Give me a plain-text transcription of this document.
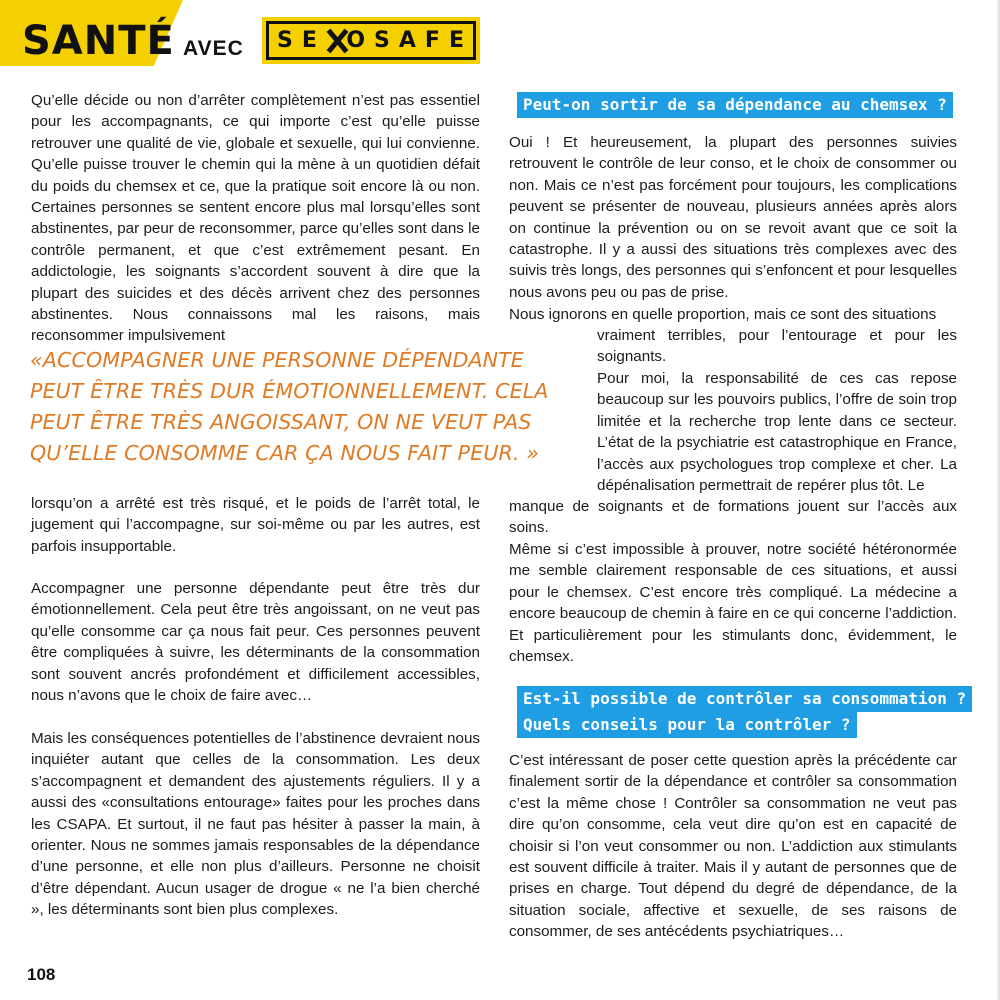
SANTÉ AVEC SE OSAFE

Qu’elle décide ou non d’arrêter complètement n’est pas essentiel pour les accompagnants, ce qui importe c’est qu’elle puisse retrouver une qualité de vie, globale et sexuelle, qui lui convienne. Qu’elle puisse trouver le chemin qui la mène à un quotidien défait du poids du chemsex et ce, que la pratique soit encore là ou non. Certaines personnes se sentent encore plus mal lorsqu’elles sont abstinentes, par peur de reconsommer, parce qu’elles sont dans le contrôle permanent, et que c’est extrêmement pesant. En addictologie, les soignants s’accordent souvent à dire que la plupart des suicides et des décès arrivent chez des personnes abstinentes. Nous connaissons mal les raisons, mais reconsommer impulsivement

«ACCOMPAGNER UNE PERSONNE DÉPENDANTE PEUT ÊTRE TRÈS DUR ÉMOTIONNELLEMENT. CELA PEUT ÊTRE TRÈS ANGOISSANT, ON NE VEUT PAS QU’ELLE CONSOMME CAR ÇA NOUS FAIT PEUR. »

lorsqu’on a arrêté est très risqué, et le poids de l’arrêt total, le jugement qui l’accompagne, sur soi-même ou par les autres, est parfois insupportable.

Accompagner une personne dépendante peut être très dur émotionnellement. Cela peut être très angoissant, on ne veut pas qu’elle consomme car ça nous fait peur. Ces personnes peuvent être compliquées à suivre, les déterminants de la consommation sont souvent ancrés profondément et difficilement accessibles, nous n’avons que le choix de faire avec…

Mais les conséquences potentielles de l’abstinence devraient nous inquiéter autant que celles de la consommation. Les deux s’accompagnent et demandent des ajustements réguliers. Il y a aussi des «consultations entourage» faites pour les proches dans les CSAPA. Et surtout, il ne faut pas hésiter à passer la main, à orienter. Nous ne sommes jamais responsables de la dépendance d’une personne, et elle non plus d’ailleurs. Personne ne choisit d’être dépendant. Aucun usager de drogue « ne l’a bien cherché », les déterminants sont bien plus complexes.

Peut-on sortir de sa dépendance au chemsex ?

Oui ! Et heureusement, la plupart des personnes suivies retrouvent le contrôle de leur conso, et le choix de consommer ou non. Mais ce n’est pas forcément pour toujours, les complications peuvent se présenter de nouveau, plusieurs années après alors on continue la prévention ou on se revoit avant que ce soit la catastrophe. Il y a aussi des situations très complexes avec des suivis très longs, des personnes qui s’enfoncent et pour lesquelles nous avons peu ou pas de prise.

Nous ignorons en quelle proportion, mais ce sont des situations

vraiment terribles, pour l’entourage et pour les soignants.

Pour moi, la responsabilité de ces cas repose beaucoup sur les pouvoirs publics, l’offre de soin trop limitée et la recherche trop lente dans ce secteur. L’état de la psychiatrie est catastrophique en France, l’accès aux psychologues trop complexe et cher. La dépénalisation permettrait de repérer plus tôt. Le

manque de soignants et de formations jouent sur l’accès aux soins.

Même si c’est impossible à prouver, notre société hétéronormée me semble clairement responsable de ces situations, et aussi pour le chemsex. C’est encore très compliqué. La médecine a encore beaucoup de chemin à faire en ce qui concerne l’addiction. Et particulièrement pour les stimulants donc, évidemment, le chemsex.

Est-il possible de contrôler sa consommation ?
Quels conseils pour la contrôler ?

C’est intéressant de poser cette question après la précédente car finalement sortir de la dépendance et contrôler sa consommation c’est la même chose ! Contrôler sa consommation ne veut pas dire qu’on consomme, cela veut dire qu’on est en capacité de choisir si l’on veut consommer ou non. L’addiction aux stimulants est souvent difficile à traiter. Mais il y autant de personnes que de prises en charge. Tout dépend du degré de dépendance, de la situation sociale, affective et sexuelle, de ses raisons de consommer, de ses antécédents psychiatriques…

108
